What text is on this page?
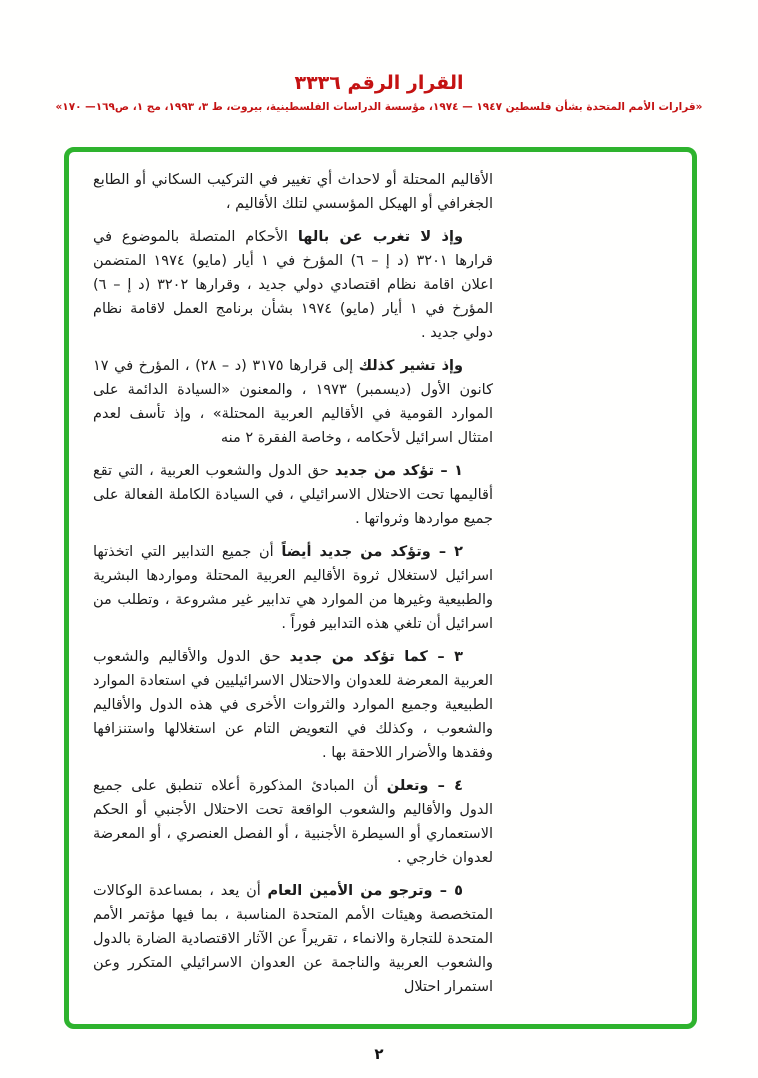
القرار الرقم ٣٣٣٦
«قرارات الأمم المتحدة بشأن فلسطين ١٩٤٧ — ١٩٧٤، مؤسسة الدراسات الفلسطينية، بيروت، ط ٣، ١٩٩٣، مج ١، ص١٦٩— ١٧٠»

الأقاليم المحتلة أو لاحداث أي تغيير في التركيب السكاني أو الطابع الجغرافي أو الهيكل المؤسسي لتلك الأقاليم ،

وإذ لا تغرب عن بالها الأحكام المتصلة بالموضوع في قرارها ٣٢٠١ (د إ – ٦) المؤرخ في ١ أيار (مايو) ١٩٧٤ المتضمن اعلان اقامة نظام اقتصادي دولي جديد ، وقرارها ٣٢٠٢ (د إ – ٦) المؤرخ في ١ أيار (مايو) ١٩٧٤ بشأن برنامج العمل لاقامة نظام دولي جديد .

وإذ تشير كذلك إلى قرارها ٣١٧٥ (د – ٢٨) ، المؤرخ في ١٧ كانون الأول (ديسمبر) ١٩٧٣ ، والمعنون «السيادة الدائمة على الموارد القومية في الأقاليم العربية المحتلة» ، وإذ تأسف لعدم امتثال اسرائيل لأحكامه ، وخاصة الفقرة ٢ منه

١ – تؤكد من جديد حق الدول والشعوب العربية ، التي تقع أقاليمها تحت الاحتلال الاسرائيلي ، في السيادة الكاملة الفعالة على جميع مواردها وثرواتها .

٢ – وتؤكد من جديد أيضاً أن جميع التدابير التي اتخذتها اسرائيل لاستغلال ثروة الأقاليم العربية المحتلة ومواردها البشرية والطبيعية وغيرها من الموارد هي تدابير غير مشروعة ، وتطلب من اسرائيل أن تلغي هذه التدابير فوراً .

٣ – كما تؤكد من جديد حق الدول والأقاليم والشعوب العربية المعرضة للعدوان والاحتلال الاسرائيليين في استعادة الموارد الطبيعية وجميع الموارد والثروات الأخرى في هذه الدول والأقاليم والشعوب ، وكذلك في التعويض التام عن استغلالها واستنزافها وفقدها والأضرار اللاحقة بها .

٤ – وتعلن أن المبادئ المذكورة أعلاه تنطبق على جميع الدول والأقاليم والشعوب الواقعة تحت الاحتلال الأجنبي أو الحكم الاستعماري أو السيطرة الأجنبية ، أو الفصل العنصري ، أو المعرضة لعدوان خارجي .

٥ – وترجو من الأمين العام أن يعد ، بمساعدة الوكالات المتخصصة وهيئات الأمم المتحدة المناسبة ، بما فيها مؤتمر الأمم المتحدة للتجارة والانماء ، تقريراً عن الآثار الاقتصادية الضارة بالدول والشعوب العربية والناجمة عن العدوان الاسرائيلي المتكرر وعن استمرار احتلال

٢
